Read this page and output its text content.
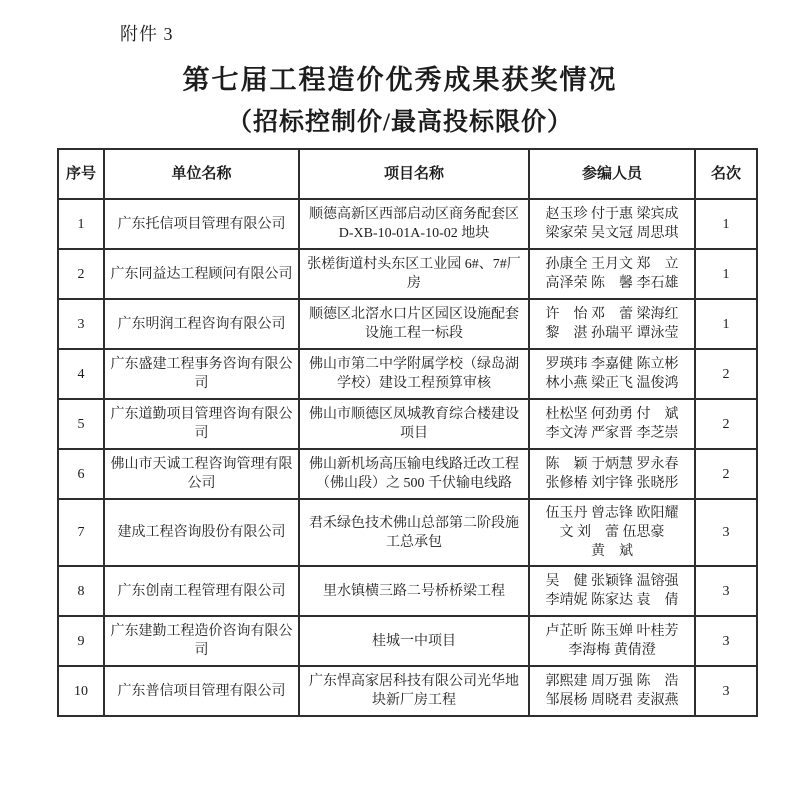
附件 3
第七届工程造价优秀成果获奖情况
（招标控制价/最高投标限价）
序号	单位名称	项目名称	参编人员	名次
1	广东托信项目管理有限公司	顺德高新区西部启动区商务配套区 D-XB-10-01A-10-02 地块	赵玉珍 付于惠 梁宾成
梁家荣 吴文冠 周思琪	1
2	广东同益达工程顾问有限公司	张槎街道村头东区工业园 6#、7#厂房	孙康全 王月文 郑　立
高泽荣 陈　馨 李石雄	1
3	广东明润工程咨询有限公司	顺德区北滘水口片区园区设施配套设施工程一标段	许　怡 邓　蕾 梁海红
黎　湛 孙瑞平 谭泳莹	1
4	广东盛建工程事务咨询有限公司	佛山市第二中学附属学校（绿岛湖学校）建设工程预算审核	罗瑛玮 李嘉健 陈立彬
林小燕 梁正飞 温俊鸿	2
5	广东道勤项目管理咨询有限公司	佛山市顺德区凤城教育综合楼建设项目	杜松坚 何劲勇 付　斌
李文涛 严家晋 李芝崇	2
6	佛山市天诚工程咨询管理有限公司	佛山新机场高压输电线路迁改工程（佛山段）之 500 千伏输电线路	陈　颖 于炳慧 罗永春
张修椿 刘宇锋 张晓彤	2
7	建成工程咨询股份有限公司	君禾绿色技术佛山总部第二阶段施工总承包	伍玉丹 曾志锋 欧阳耀
文 刘　蕾 伍思豪
黄　斌	3
8	广东创南工程管理有限公司	里水镇横三路二号桥桥梁工程	吴　健 张颖锋 温镕强
李靖妮 陈家达 袁　倩	3
9	广东建勤工程造价咨询有限公司	桂城一中项目	卢芷昕 陈玉婵 叶桂芳
李海梅 黄倩澄	3
10	广东普信项目管理有限公司	广东悍高家居科技有限公司光华地块新厂房工程	郭熙建 周万强 陈　浩
邹展杨 周晓君 麦淑燕	3
